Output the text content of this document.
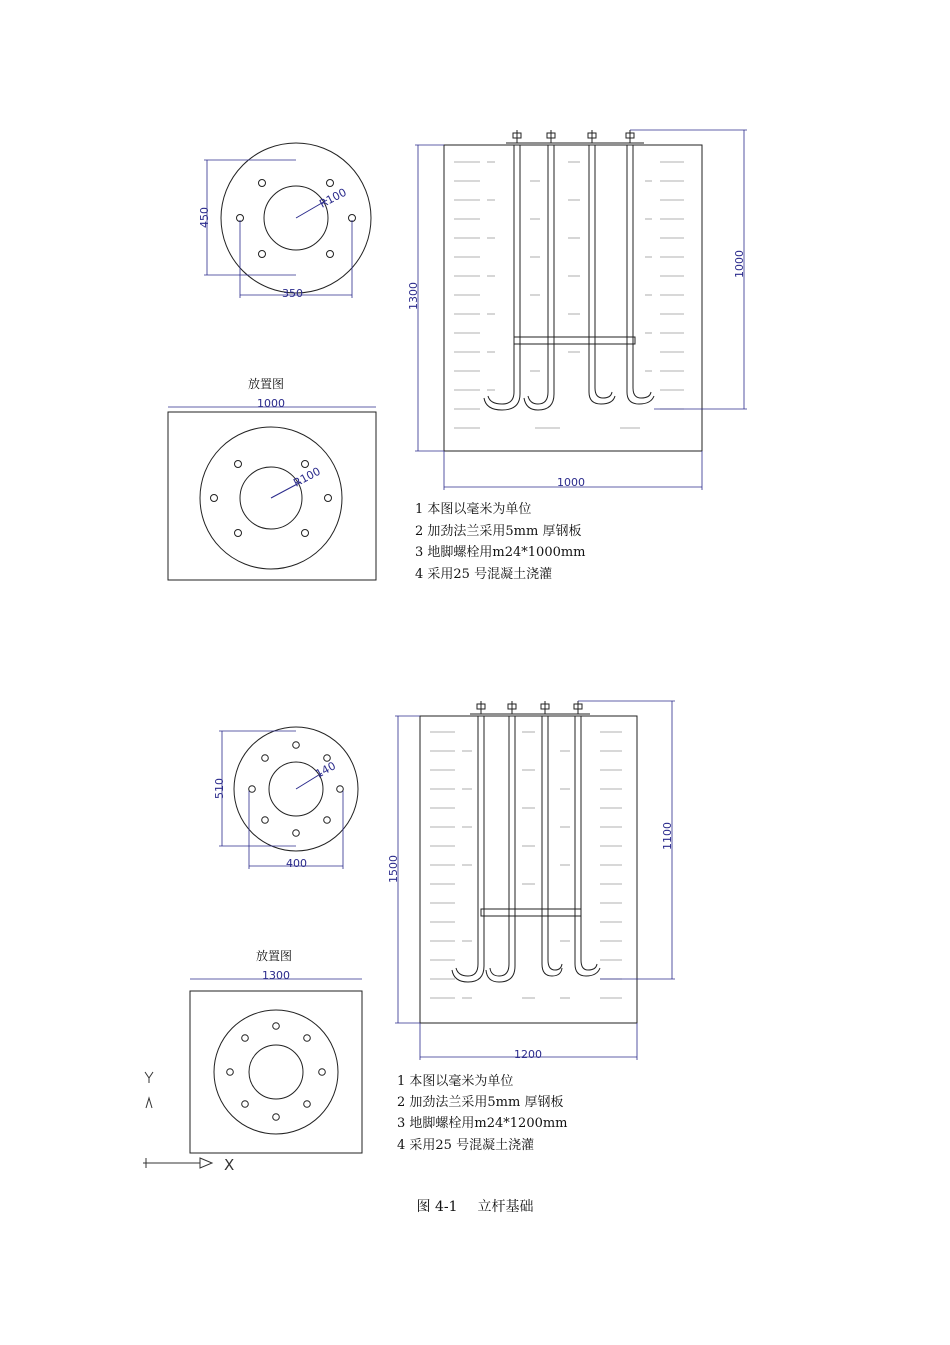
450
350
R100
放置图
1000
R100
1300
1000
1000
1 本图以毫米为单位
2 加劲法兰采用5mm 厚钢板
3 地脚螺栓用m24*1000mm
4 采用25 号混凝土浇灌
510
400
140
放置图
1300
1500
1100
1200
1 本图以毫米为单位
2 加劲法兰采用5mm 厚钢板
3 地脚螺栓用m24*1200mm
4 采用25 号混凝土浇灌
X
图 4-1 立杆基础
